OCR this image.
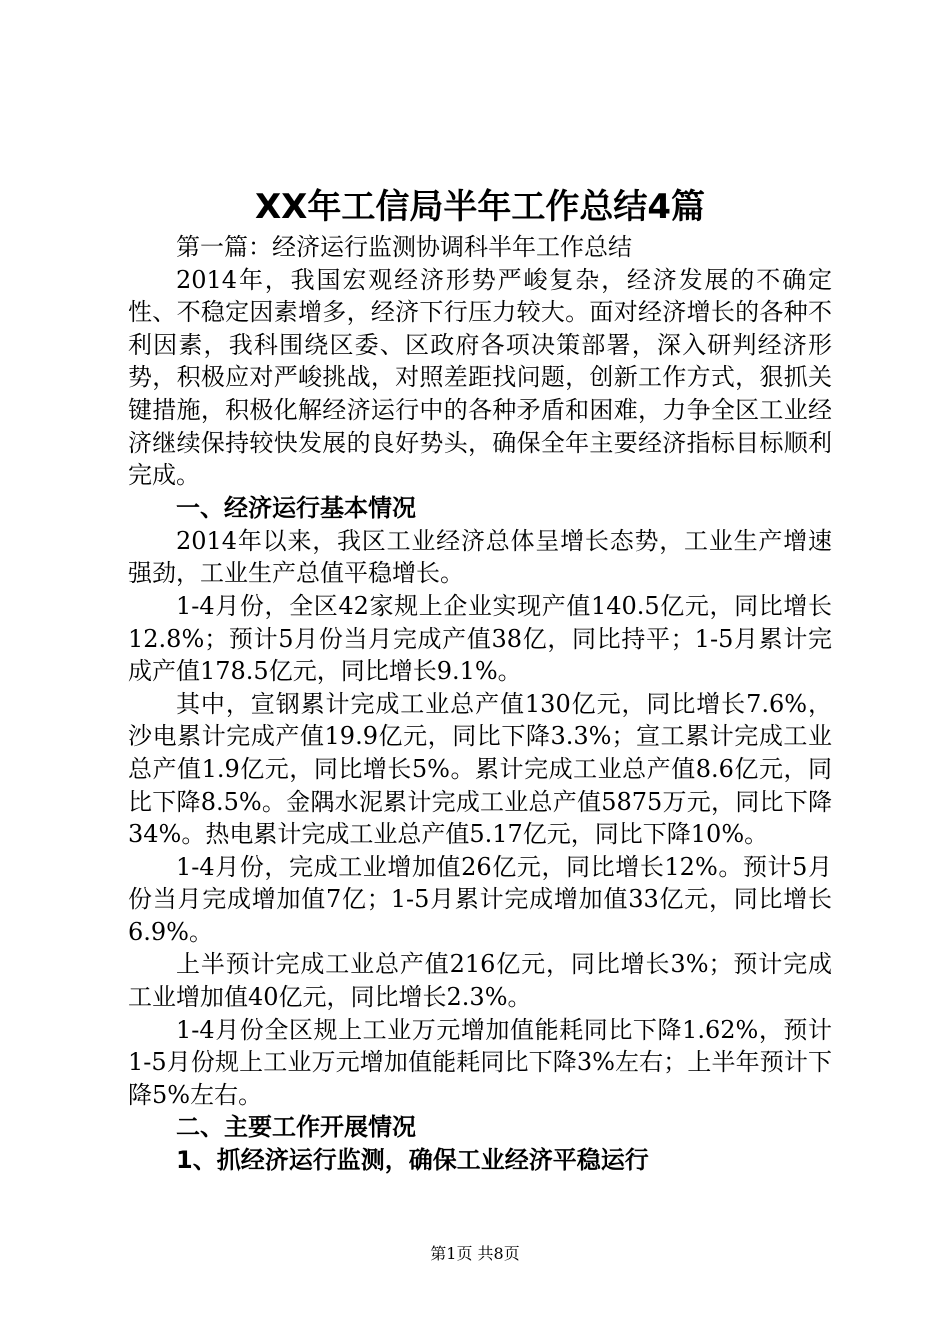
XX年工信局半年工作总结4篇

第一篇：经济运行监测协调科半年工作总结

2014年，我国宏观经济形势严峻复杂，经济发展的不确定性、不稳定因素增多，经济下行压力较大。面对经济增长的各种不利因素，我科围绕区委、区政府各项决策部署，深入研判经济形势，积极应对严峻挑战，对照差距找问题，创新工作方式，狠抓关键措施，积极化解经济运行中的各种矛盾和困难，力争全区工业经济继续保持较快发展的良好势头，确保全年主要经济指标目标顺利完成。

一、经济运行基本情况

2014年以来，我区工业经济总体呈增长态势，工业生产增速强劲，工业生产总值平稳增长。

1-4月份，全区42家规上企业实现产值140.5亿元，同比增长12.8%；预计5月份当月完成产值38亿，同比持平；1-5月累计完成产值178.5亿元，同比增长9.1%。

其中，宣钢累计完成工业总产值130亿元，同比增长7.6%，沙电累计完成产值19.9亿元，同比下降3.3%；宣工累计完成工业总产值1.9亿元，同比增长5%。累计完成工业总产值8.6亿元，同比下降8.5%。金隅水泥累计完成工业总产值5875万元，同比下降34%。热电累计完成工业总产值5.17亿元，同比下降10%。

1-4月份，完成工业增加值26亿元，同比增长12%。预计5月份当月完成增加值7亿；1-5月累计完成增加值33亿元，同比增长6.9%。

上半预计完成工业总产值216亿元，同比增长3%；预计完成工业增加值40亿元，同比增长2.3%。

1-4月份全区规上工业万元增加值能耗同比下降1.62%，预计1-5月份规上工业万元增加值能耗同比下降3%左右；上半年预计下降5%左右。

二、主要工作开展情况

1、抓经济运行监测，确保工业经济平稳运行

第1页 共8页
